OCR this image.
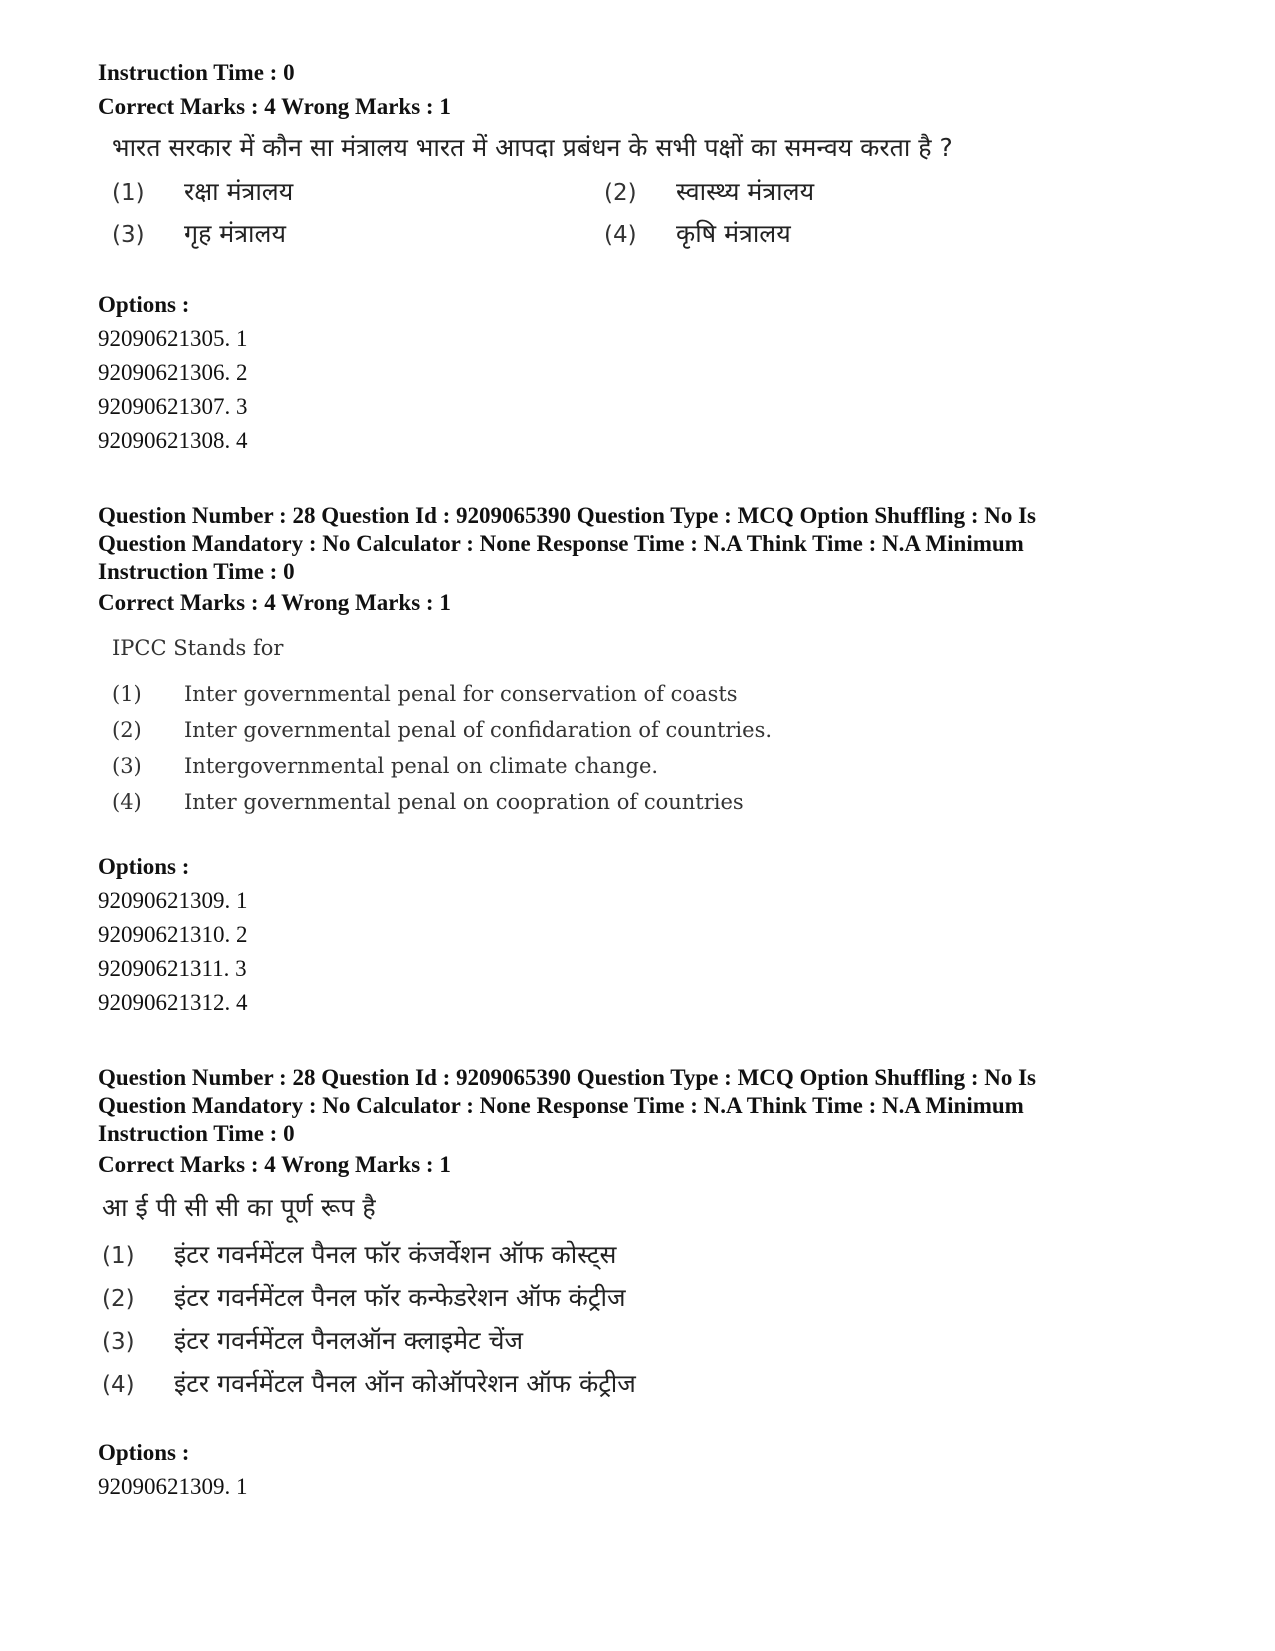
Instruction Time : 0

Correct Marks : 4 Wrong Marks : 1

भारत सरकार में कौन सा मंत्रालय भारत में आपदा प्रबंधन के सभी पक्षों का समन्वय करता है ?
(1)	रक्षा मंत्रालय	(2)	स्वास्थ्य मंत्रालय
(3)	गृह मंत्रालय	(4)	कृषि मंत्रालय

Options :

92090621305. 1

92090621306. 2

92090621307. 3

92090621308. 4

Question Number : 28 Question Id : 9209065390 Question Type : MCQ Option Shuffling : No Is

Question Mandatory : No Calculator : None Response Time : N.A Think Time : N.A Minimum

Instruction Time : 0

Correct Marks : 4 Wrong Marks : 1

IPCC Stands for
(1)	Inter governmental penal for conservation of coasts
(2)	Inter governmental penal of confidaration of countries.
(3)	Intergovernmental penal on climate change.
(4)	Inter governmental penal on coopration of countries

Options :

92090621309. 1

92090621310. 2

92090621311. 3

92090621312. 4

Question Number : 28 Question Id : 9209065390 Question Type : MCQ Option Shuffling : No Is

Question Mandatory : No Calculator : None Response Time : N.A Think Time : N.A Minimum

Instruction Time : 0

Correct Marks : 4 Wrong Marks : 1

आ ई पी सी सी का पूर्ण रूप है
(1)	इंटर गवर्नमेंटल पैनल फॉर कंजर्वेशन ऑफ कोस्ट्स
(2)	इंटर गवर्नमेंटल पैनल फॉर कन्फेडरेशन ऑफ कंट्रीज
(3)	इंटर गवर्नमेंटल पैनलऑन क्लाइमेट चेंज
(4)	इंटर गवर्नमेंटल पैनल ऑन कोऑपरेशन ऑफ कंट्रीज

Options :

92090621309. 1
